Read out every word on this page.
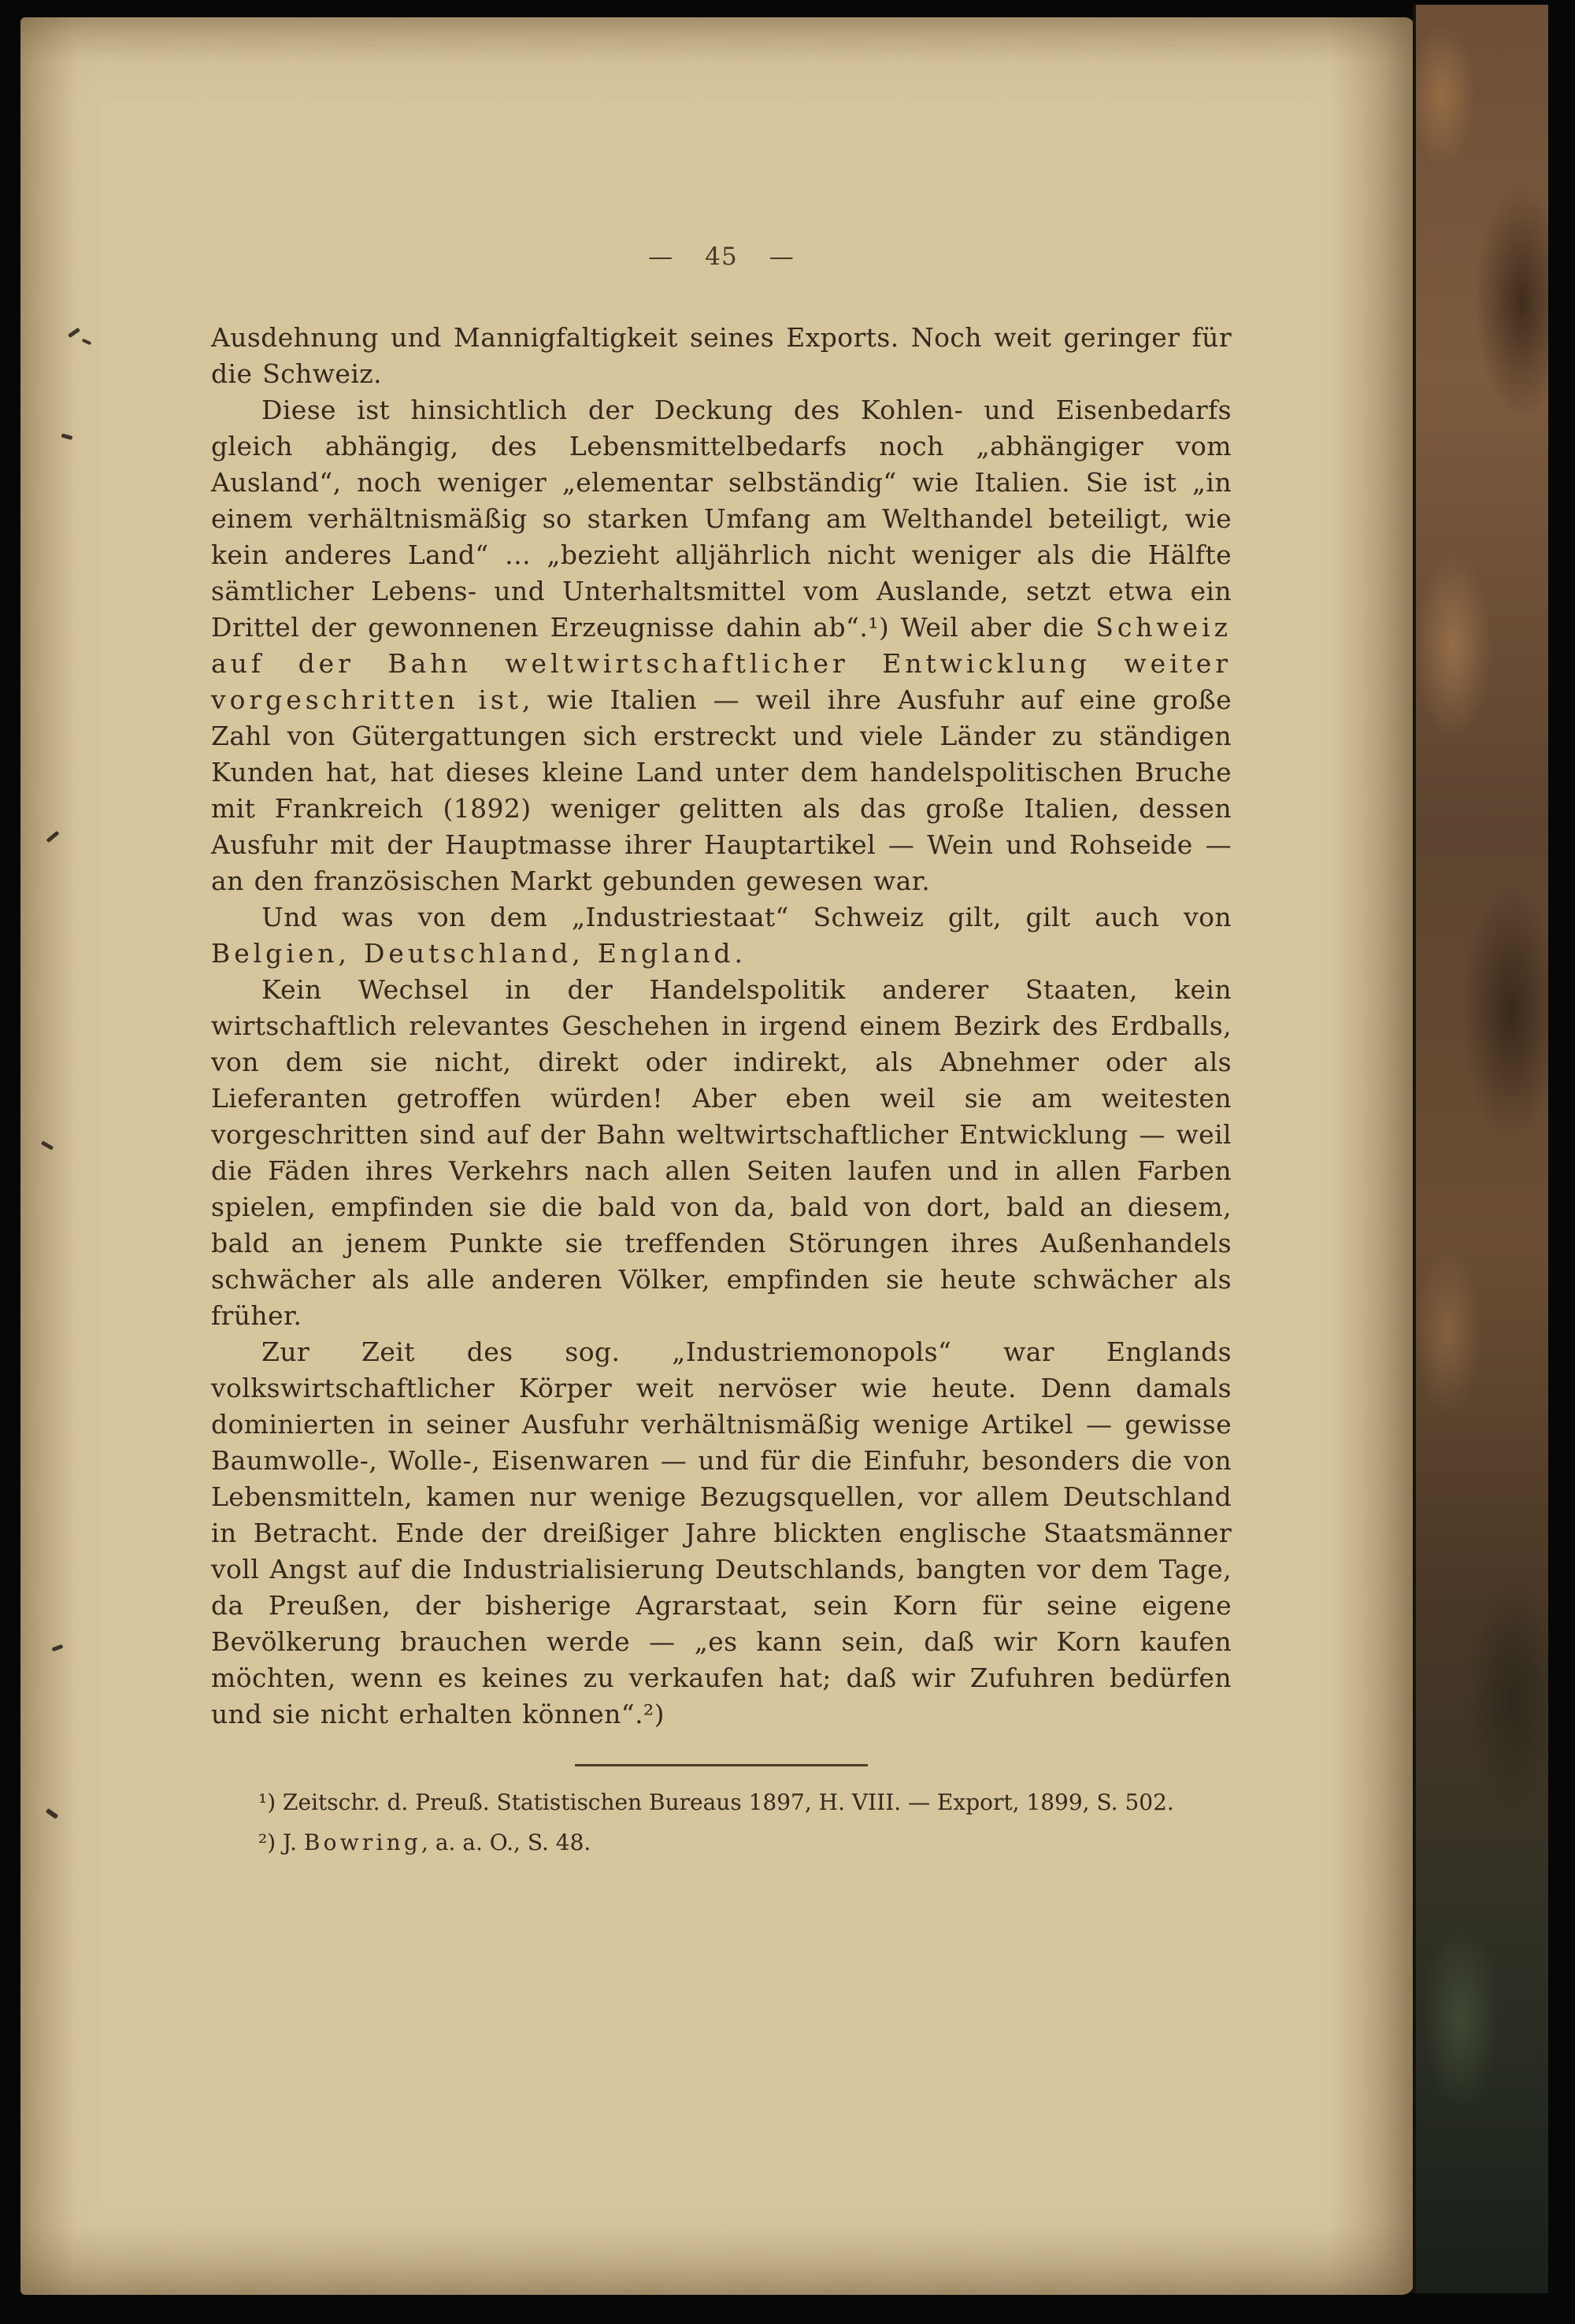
— 45 —

Ausdehnung und Mannigfaltigkeit seines Exports. Noch weit geringer für die Schweiz.

Diese ist hinsichtlich der Deckung des Kohlen- und Eisenbedarfs gleich abhängig, des Lebensmittelbedarfs noch „abhängiger vom Ausland“, noch weniger „elementar selbständig“ wie Italien. Sie ist „in einem verhältnismäßig so starken Umfang am Welthandel beteiligt, wie kein anderes Land“ … „bezieht alljährlich nicht weniger als die Hälfte sämtlicher Lebens- und Unterhaltsmittel vom Auslande, setzt etwa ein Drittel der gewonnenen Erzeugnisse dahin ab“.¹) Weil aber die Schweiz auf der Bahn weltwirtschaftlicher Entwicklung weiter vorgeschritten ist, wie Italien — weil ihre Ausfuhr auf eine große Zahl von Gütergattungen sich erstreckt und viele Länder zu ständigen Kunden hat, hat dieses kleine Land unter dem handelspolitischen Bruche mit Frankreich (1892) weniger gelitten als das große Italien, dessen Ausfuhr mit der Hauptmasse ihrer Hauptartikel — Wein und Rohseide — an den französischen Markt gebunden gewesen war.

Und was von dem „Industriestaat“ Schweiz gilt, gilt auch von Belgien, Deutschland, England.

Kein Wechsel in der Handelspolitik anderer Staaten, kein wirtschaftlich relevantes Geschehen in irgend einem Bezirk des Erdballs, von dem sie nicht, direkt oder indirekt, als Abnehmer oder als Lieferanten getroffen würden! Aber eben weil sie am weitesten vorgeschritten sind auf der Bahn weltwirtschaftlicher Entwicklung — weil die Fäden ihres Verkehrs nach allen Seiten laufen und in allen Farben spielen, empfinden sie die bald von da, bald von dort, bald an diesem, bald an jenem Punkte sie treffenden Störungen ihres Außenhandels schwächer als alle anderen Völker, empfinden sie heute schwächer als früher.

Zur Zeit des sog. „Industriemonopols“ war Englands volkswirtschaftlicher Körper weit nervöser wie heute. Denn damals dominierten in seiner Ausfuhr verhältnismäßig wenige Artikel — gewisse Baumwolle-, Wolle-, Eisenwaren — und für die Einfuhr, besonders die von Lebensmitteln, kamen nur wenige Bezugsquellen, vor allem Deutschland in Betracht. Ende der dreißiger Jahre blickten englische Staatsmänner voll Angst auf die Industrialisierung Deutschlands, bangten vor dem Tage, da Preußen, der bisherige Agrarstaat, sein Korn für seine eigene Bevölkerung brauchen werde — „es kann sein, daß wir Korn kaufen möchten, wenn es keines zu verkaufen hat; daß wir Zufuhren bedürfen und sie nicht erhalten können“.²)

¹) Zeitschr. d. Preuß. Statistischen Bureaus 1897, H. VIII. — Export, 1899, S. 502.

²) J. Bowring, a. a. O., S. 48.
